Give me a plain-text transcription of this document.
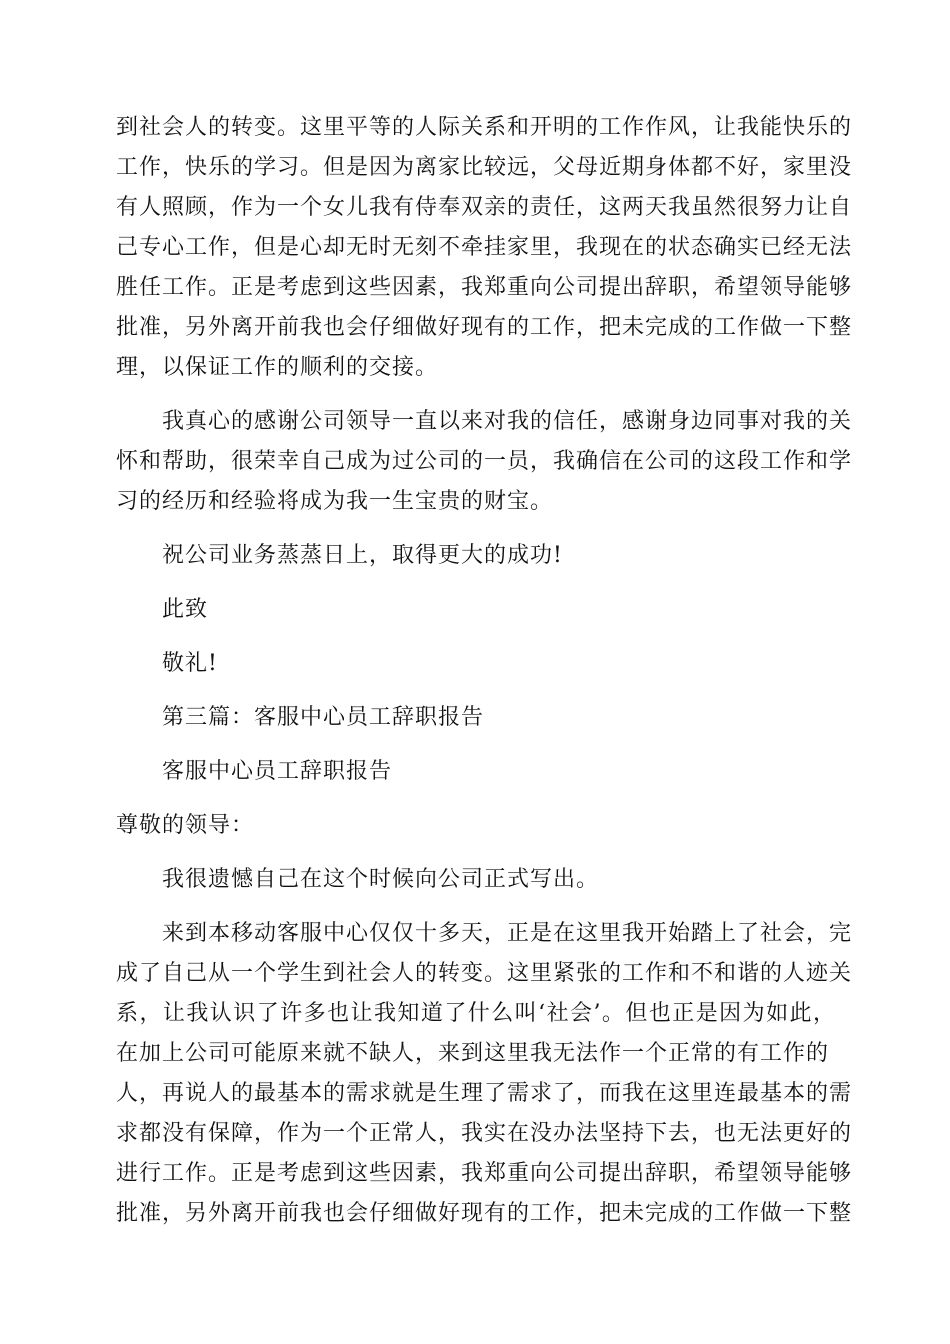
到社会人的转变。这里平等的人际关系和开明的工作作风，让我能快乐的
工作，快乐的学习。但是因为离家比较远，父母近期身体都不好，家里没
有人照顾，作为一个女儿我有侍奉双亲的责任，这两天我虽然很努力让自
己专心工作，但是心却无时无刻不牵挂家里，我现在的状态确实已经无法
胜任工作。正是考虑到这些因素，我郑重向公司提出辞职，希望领导能够
批准，另外离开前我也会仔细做好现有的工作，把未完成的工作做一下整
理，以保证工作的顺利的交接。
我真心的感谢公司领导一直以来对我的信任，感谢身边同事对我的关
怀和帮助，很荣幸自己成为过公司的一员，我确信在公司的这段工作和学
习的经历和经验将成为我一生宝贵的财宝。
祝公司业务蒸蒸日上，取得更大的成功!
此致
敬礼!
第三篇：客服中心员工辞职报告
客服中心员工辞职报告
尊敬的领导：
我很遗憾自己在这个时候向公司正式写出。
来到本移动客服中心仅仅十多天，正是在这里我开始踏上了社会，完
成了自己从一个学生到社会人的转变。这里紧张的工作和不和谐的人迹关
系，让我认识了许多也让我知道了什么叫‘社会’。但也正是因为如此，
在加上公司可能原来就不缺人，来到这里我无法作一个正常的有工作的
人，再说人的最基本的需求就是生理了需求了，而我在这里连最基本的需
求都没有保障，作为一个正常人，我实在没办法坚持下去，也无法更好的
进行工作。正是考虑到这些因素，我郑重向公司提出辞职，希望领导能够
批准，另外离开前我也会仔细做好现有的工作，把未完成的工作做一下整
